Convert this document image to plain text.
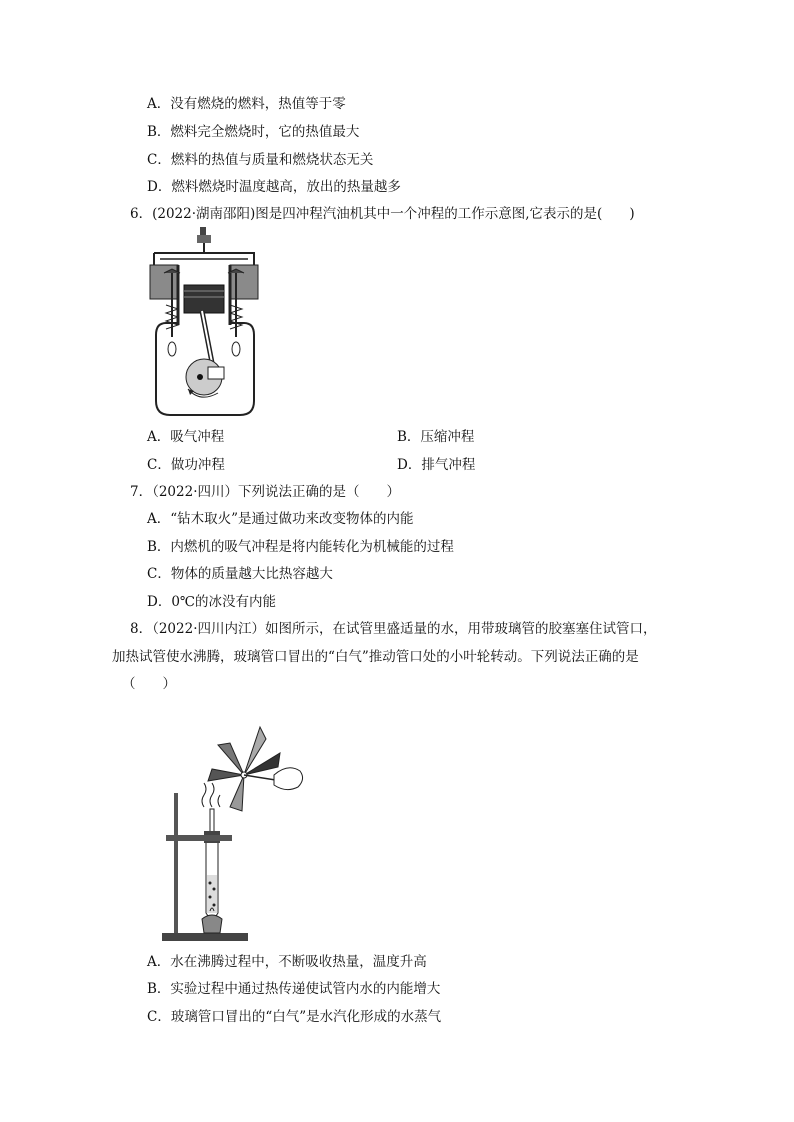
A．没有燃烧的燃料，热值等于零
B．燃料完全燃烧时，它的热值最大
C．燃料的热值与质量和燃烧状态无关
D．燃料燃烧时温度越高，放出的热量越多
6．(2022·湖南邵阳)图是四冲程汽油机其中一个冲程的工作示意图,它表示的是(　　)
A．吸气冲程	B．压缩冲程
C．做功冲程	D．排气冲程
7．（2022·四川）下列说法正确的是（　　）
A．“钻木取火”是通过做功来改变物体的内能
B．内燃机的吸气冲程是将内能转化为机械能的过程
C．物体的质量越大比热容越大
D．0℃的冰没有内能
8．（2022·四川内江）如图所示，在试管里盛适量的水，用带玻璃管的胶塞塞住试管口，
加热试管使水沸腾，玻璃管口冒出的“白气”推动管口处的小叶轮转动。下列说法正确的是
（　　）
A．水在沸腾过程中，不断吸收热量，温度升高
B．实验过程中通过热传递使试管内水的内能增大
C．玻璃管口冒出的“白气”是水汽化形成的水蒸气
